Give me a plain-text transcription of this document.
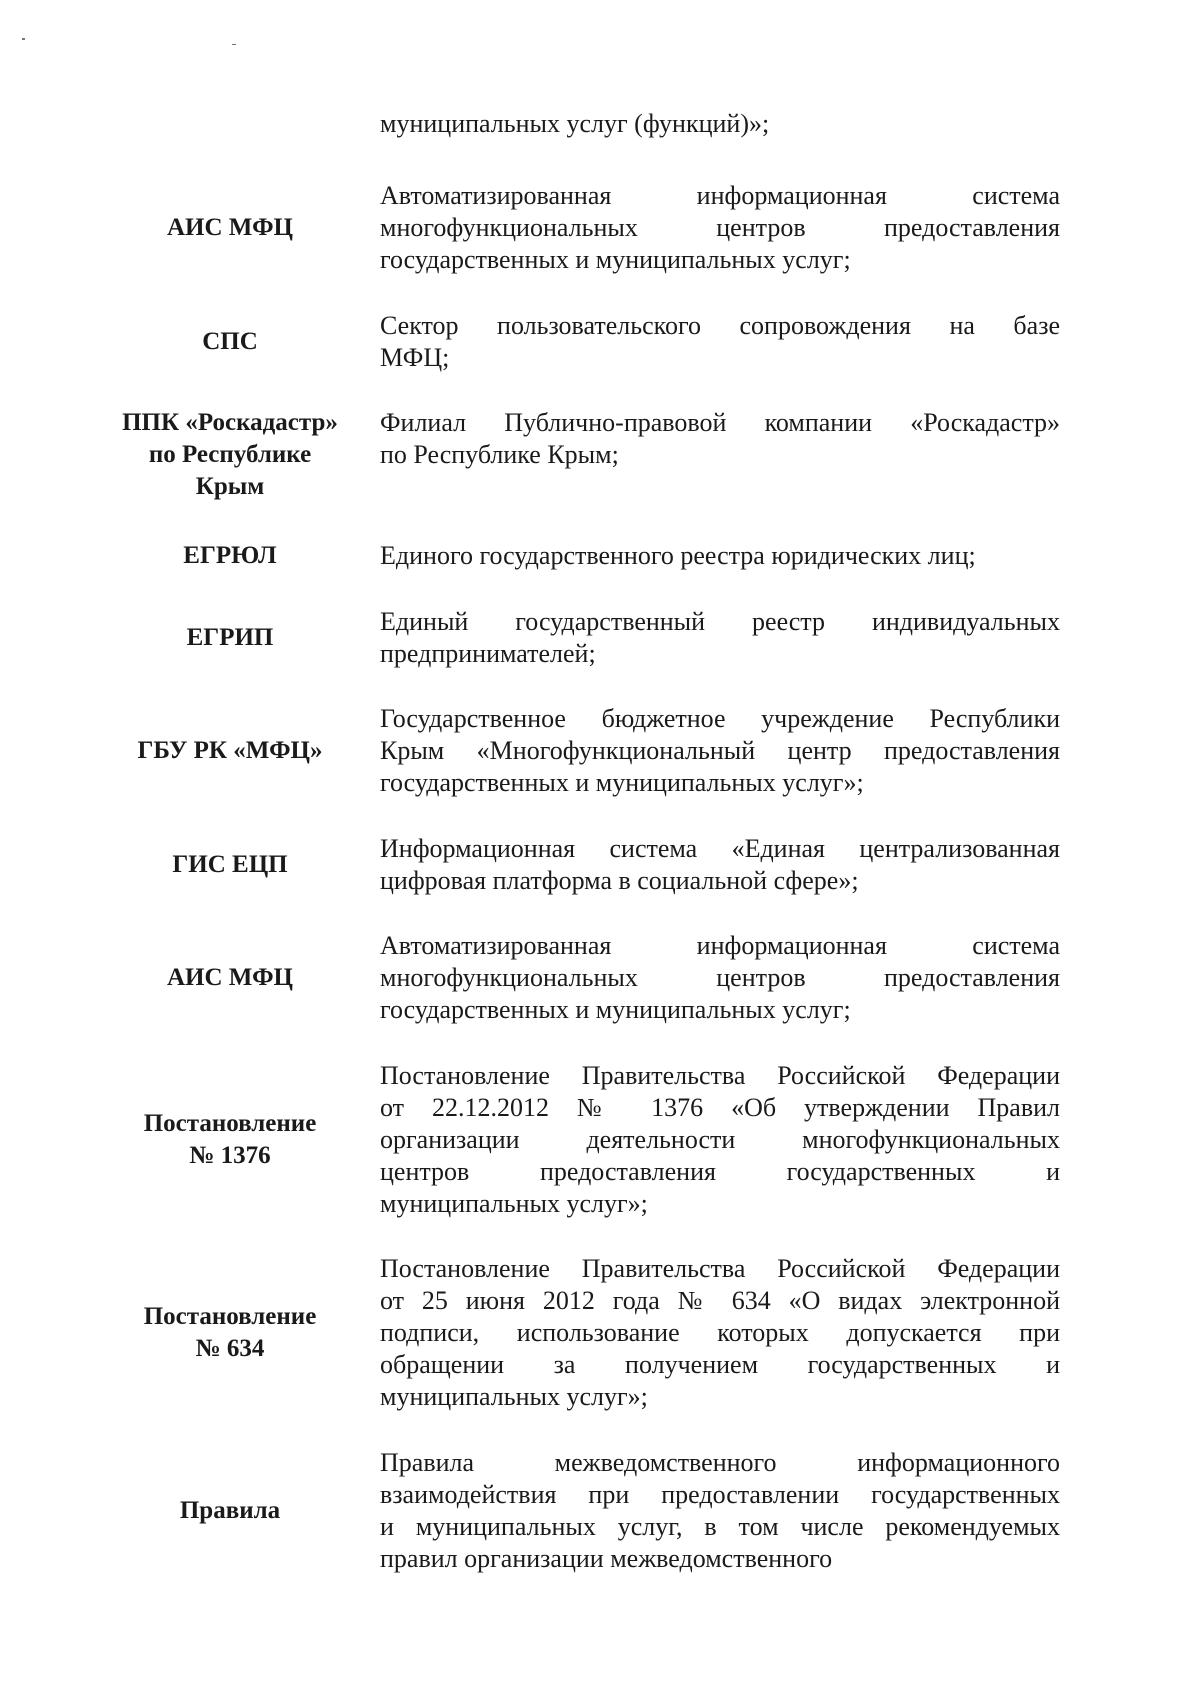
муниципальных услуг (функций)»;
АИС МФЦ
Автоматизированная информационная система
многофункциональных центров предоставления
государственных и муниципальных услуг;
СПС
Сектор пользовательского сопровождения на базе
МФЦ;
ППК «Роскадастр»
по Республике
Крым
Филиал Публично-правовой компании «Роскадастр»
по Республике Крым;
ЕГРЮЛ	Единого государственного реестра юридических лиц;
ЕГРИП
Единый государственный реестр индивидуальных
предпринимателей;
ГБУ РК «МФЦ»
Государственное бюджетное учреждение Республики
Крым «Многофункциональный центр предоставления
государственных и муниципальных услуг»;
ГИС ЕЦП
Информационная система «Единая централизованная
цифровая платформа в социальной сфере»;
АИС МФЦ
Автоматизированная информационная система
многофункциональных центров предоставления
государственных и муниципальных услуг;
Постановление
№ 1376
Постановление Правительства Российской Федерации
от 22.12.2012 № 1376 «Об утверждении Правил
организации деятельности многофункциональных
центров предоставления государственных и
муниципальных услуг»;
Постановление
№ 634
Постановление Правительства Российской Федерации
от 25 июня 2012 года № 634 «О видах электронной
подписи, использование которых допускается при
обращении за получением государственных и
муниципальных услуг»;
Правила
Правила межведомственного информационного
взаимодействия при предоставлении государственных
и муниципальных услуг, в том числе рекомендуемых
правил организации межведомственного
